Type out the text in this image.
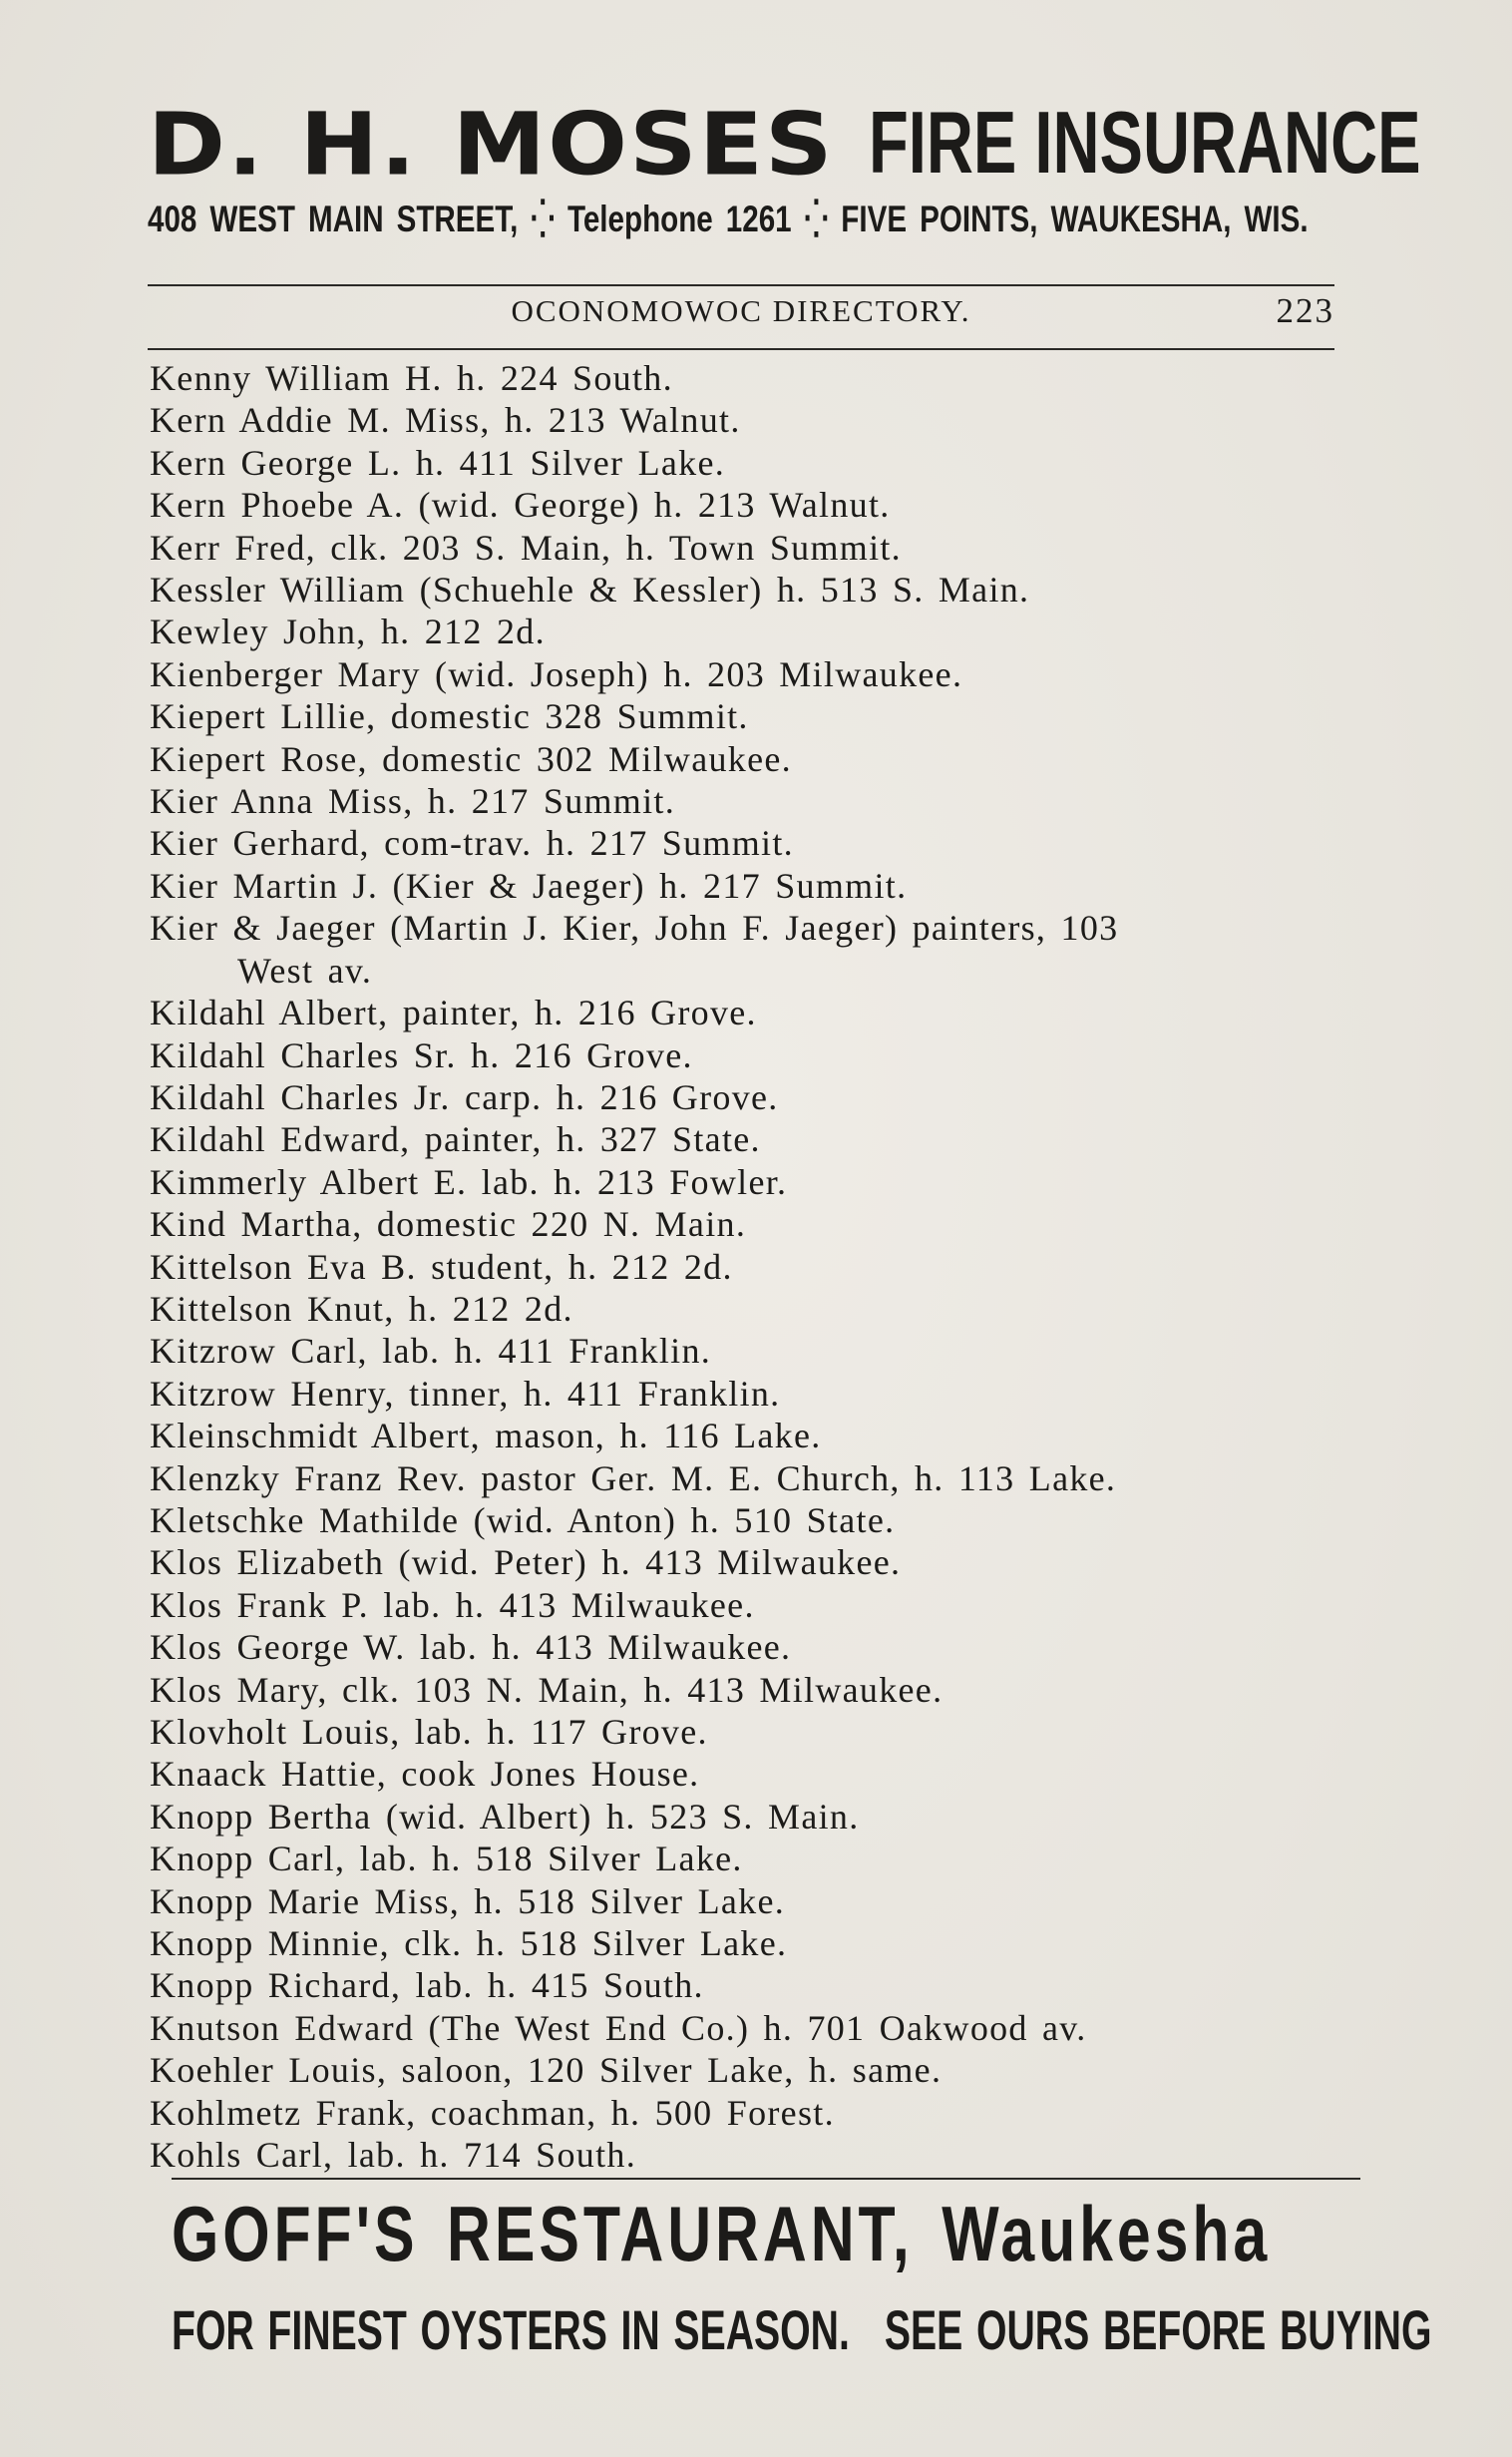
D. H. MOSES FIRE INSURANCE
408 WEST MAIN STREET, ⁛ Telephone 1261 ⁛ FIVE POINTS, WAUKESHA, WIS.
OCONOMOWOC DIRECTORY.	223
Kenny William H. h. 224 South.
Kern Addie M. Miss, h. 213 Walnut.
Kern George L. h. 411 Silver Lake.
Kern Phoebe A. (wid. George) h. 213 Walnut.
Kerr Fred, clk. 203 S. Main, h. Town Summit.
Kessler William (Schuehle & Kessler) h. 513 S. Main.
Kewley John, h. 212 2d.
Kienberger Mary (wid. Joseph) h. 203 Milwaukee.
Kiepert Lillie, domestic 328 Summit.
Kiepert Rose, domestic 302 Milwaukee.
Kier Anna Miss, h. 217 Summit.
Kier Gerhard, com-trav. h. 217 Summit.
Kier Martin J. (Kier & Jaeger) h. 217 Summit.
Kier & Jaeger (Martin J. Kier, John F. Jaeger) painters, 103
West av.
Kildahl Albert, painter, h. 216 Grove.
Kildahl Charles Sr. h. 216 Grove.
Kildahl Charles Jr. carp. h. 216 Grove.
Kildahl Edward, painter, h. 327 State.
Kimmerly Albert E. lab. h. 213 Fowler.
Kind Martha, domestic 220 N. Main.
Kittelson Eva B. student, h. 212 2d.
Kittelson Knut, h. 212 2d.
Kitzrow Carl, lab. h. 411 Franklin.
Kitzrow Henry, tinner, h. 411 Franklin.
Kleinschmidt Albert, mason, h. 116 Lake.
Klenzky Franz Rev. pastor Ger. M. E. Church, h. 113 Lake.
Kletschke Mathilde (wid. Anton) h. 510 State.
Klos Elizabeth (wid. Peter) h. 413 Milwaukee.
Klos Frank P. lab. h. 413 Milwaukee.
Klos George W. lab. h. 413 Milwaukee.
Klos Mary, clk. 103 N. Main, h. 413 Milwaukee.
Klovholt Louis, lab. h. 117 Grove.
Knaack Hattie, cook Jones House.
Knopp Bertha (wid. Albert) h. 523 S. Main.
Knopp Carl, lab. h. 518 Silver Lake.
Knopp Marie Miss, h. 518 Silver Lake.
Knopp Minnie, clk. h. 518 Silver Lake.
Knopp Richard, lab. h. 415 South.
Knutson Edward (The West End Co.) h. 701 Oakwood av.
Koehler Louis, saloon, 120 Silver Lake, h. same.
Kohlmetz Frank, coachman, h. 500 Forest.
Kohls Carl, lab. h. 714 South.
GOFF'S RESTAURANT, Waukesha
FOR FINEST OYSTERS IN SEASON. SEE OURS BEFORE BUYING
